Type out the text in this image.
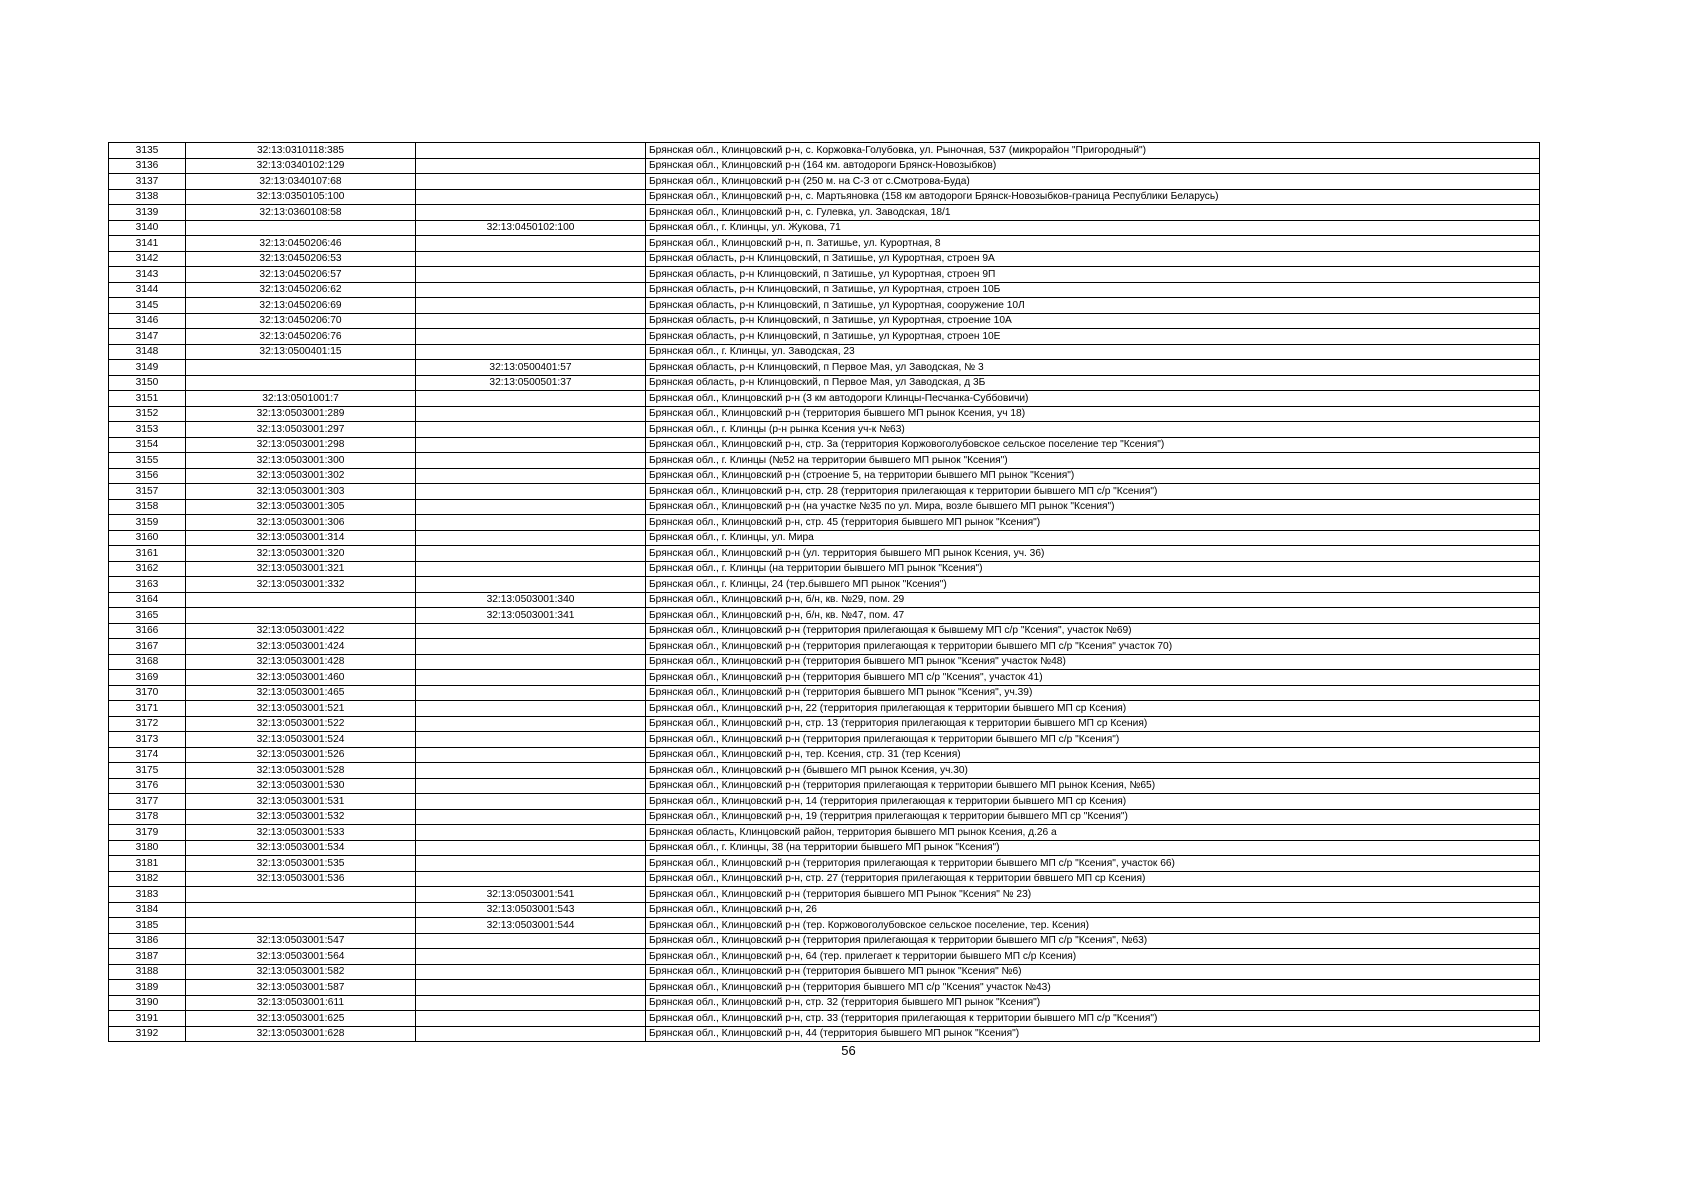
3135	32:13:0310118:385		Брянская обл., Клинцовский р-н, с. Коржовка-Голубовка, ул. Рыночная, 537 (микрорайон "Пригородный")
3136	32:13:0340102:129		Брянская обл., Клинцовский р-н (164 км. автодороги Брянск-Новозыбков)
3137	32:13:0340107:68		Брянская обл., Клинцовский р-н (250 м. на С-З от с.Смотрова-Буда)
3138	32:13:0350105:100		Брянская обл., Клинцовский р-н, с. Мартьяновка (158 км автодороги Брянск-Новозыбков-граница Республики Беларусь)
3139	32:13:0360108:58		Брянская обл., Клинцовский р-н, с. Гулевка, ул. Заводская, 18/1
3140		32:13:0450102:100	Брянская обл., г. Клинцы, ул. Жукова, 71
3141	32:13:0450206:46		Брянская обл., Клинцовский р-н, п. Затишье, ул. Курортная, 8
3142	32:13:0450206:53		Брянская область, р-н Клинцовский, п Затишье, ул Курортная, строен 9А
3143	32:13:0450206:57		Брянская область, р-н Клинцовский, п Затишье, ул Курортная, строен 9П
3144	32:13:0450206:62		Брянская область, р-н Клинцовский, п Затишье, ул Курортная, строен 10Б
3145	32:13:0450206:69		Брянская область, р-н Клинцовский, п Затишье, ул Курортная, сооружение 10Л
3146	32:13:0450206:70		Брянская область, р-н Клинцовский, п Затишье, ул Курортная, строение 10А
3147	32:13:0450206:76		Брянская область, р-н Клинцовский, п Затишье, ул Курортная, строен 10Е
3148	32:13:0500401:15		Брянская обл., г. Клинцы, ул. Заводская, 23
3149		32:13:0500401:57	Брянская область, р-н Клинцовский, п Первое Мая, ул Заводская, № 3
3150		32:13:0500501:37	Брянская область, р-н Клинцовский, п Первое Мая, ул Заводская, д 3Б
3151	32:13:0501001:7		Брянская обл., Клинцовский р-н (3 км автодороги Клинцы-Песчанка-Суббовичи)
3152	32:13:0503001:289		Брянская обл., Клинцовский р-н (территория бывшего МП рынок Ксения, уч 18)
3153	32:13:0503001:297		Брянская обл., г. Клинцы (р-н рынка Ксения уч-к №63)
3154	32:13:0503001:298		Брянская обл., Клинцовский р-н, стр. 3а (территория Коржовоголубовское сельское поселение тер "Ксения")
3155	32:13:0503001:300		Брянская обл., г. Клинцы (№52 на территории бывшего МП рынок "Ксения")
3156	32:13:0503001:302		Брянская обл., Клинцовский р-н (строение 5, на территории бывшего МП рынок "Ксения")
3157	32:13:0503001:303		Брянская обл., Клинцовский р-н, стр. 28 (территория прилегающая к территории бывшего МП с/р "Ксения")
3158	32:13:0503001:305		Брянская обл., Клинцовский р-н (на участке №35 по ул. Мира, возле бывшего МП рынок "Ксения")
3159	32:13:0503001:306		Брянская обл., Клинцовский р-н, стр. 45 (территория бывшего МП рынок "Ксения")
3160	32:13:0503001:314		Брянская обл., г. Клинцы, ул. Мира
3161	32:13:0503001:320		Брянская обл., Клинцовский р-н (ул. территория бывшего МП рынок Ксения, уч. 36)
3162	32:13:0503001:321		Брянская обл., г. Клинцы (на территории бывшего МП рынок "Ксения")
3163	32:13:0503001:332		Брянская обл., г. Клинцы, 24 (тер.бывшего МП рынок "Ксения")
3164		32:13:0503001:340	Брянская обл., Клинцовский р-н, б/н, кв. №29, пом. 29
3165		32:13:0503001:341	Брянская обл., Клинцовский р-н, б/н, кв. №47, пом. 47
3166	32:13:0503001:422		Брянская обл., Клинцовский р-н (территория прилегающая к бывшему МП с/р "Ксения", участок №69)
3167	32:13:0503001:424		Брянская обл., Клинцовский р-н (территория прилегающая к территории бывшего МП с/р "Ксения" участок 70)
3168	32:13:0503001:428		Брянская обл., Клинцовский р-н (территория бывшего МП рынок "Ксения" участок №48)
3169	32:13:0503001:460		Брянская обл., Клинцовский р-н (территория бывшего МП с/р "Ксения", участок 41)
3170	32:13:0503001:465		Брянская обл., Клинцовский р-н (территория бывшего МП рынок "Ксения", уч.39)
3171	32:13:0503001:521		Брянская обл., Клинцовский р-н, 22 (территория прилегающая к территории бывшего МП ср Ксения)
3172	32:13:0503001:522		Брянская обл., Клинцовский р-н, стр. 13 (территория прилегающая к территории бывшего МП ср Ксения)
3173	32:13:0503001:524		Брянская обл., Клинцовский р-н (территория прилегающая к территории бывшего МП с/р "Ксения")
3174	32:13:0503001:526		Брянская обл., Клинцовский р-н, тер. Ксения, стр. 31 (тер Ксения)
3175	32:13:0503001:528		Брянская обл., Клинцовский р-н (бывшего МП рынок Ксения, уч.30)
3176	32:13:0503001:530		Брянская обл., Клинцовский р-н (территория прилегающая к территории бывшего МП рынок Ксения, №65)
3177	32:13:0503001:531		Брянская обл., Клинцовский р-н, 14 (территория прилегающая к территории бывшего МП ср Ксения)
3178	32:13:0503001:532		Брянская обл., Клинцовский р-н, 19 (территрия прилегающая к территории бывшего МП ср "Ксения")
3179	32:13:0503001:533		Брянская область, Клинцовский район, территория бывшего МП рынок Ксения, д.26 а
3180	32:13:0503001:534		Брянская обл., г. Клинцы, 38 (на территории бывшего МП рынок "Ксения")
3181	32:13:0503001:535		Брянская обл., Клинцовский р-н (территория прилегающая к территории бывшего МП с/р "Ксения", участок 66)
3182	32:13:0503001:536		Брянская обл., Клинцовский р-н, стр. 27 (территория прилегающая к территории бввшего МП ср Ксения)
3183		32:13:0503001:541	Брянская обл., Клинцовский р-н (территория бывшего МП Рынок "Ксения" № 23)
3184		32:13:0503001:543	Брянская обл., Клинцовский р-н, 26
3185		32:13:0503001:544	Брянская обл., Клинцовский р-н (тер. Коржовоголубовское сельское поселение, тер. Ксения)
3186	32:13:0503001:547		Брянская обл., Клинцовский р-н (территория прилегающая к территории бывшего МП с/р "Ксения", №63)
3187	32:13:0503001:564		Брянская обл., Клинцовский р-н, 64 (тер. прилегает к территории бывшего МП с/р Ксения)
3188	32:13:0503001:582		Брянская обл., Клинцовский р-н (территория бывшего МП рынок "Ксения" №6)
3189	32:13:0503001:587		Брянская обл., Клинцовский р-н (территория бывшего МП с/р "Ксения" участок №43)
3190	32:13:0503001:611		Брянская обл., Клинцовский р-н, стр. 32 (территория бывшего МП рынок "Ксения")
3191	32:13:0503001:625		Брянская обл., Клинцовский р-н, стр. 33 (территория прилегающая к территории бывшего МП с/р "Ксения")
3192	32:13:0503001:628		Брянская обл., Клинцовский р-н, 44 (территория бывшего МП рынок "Ксения")
56
